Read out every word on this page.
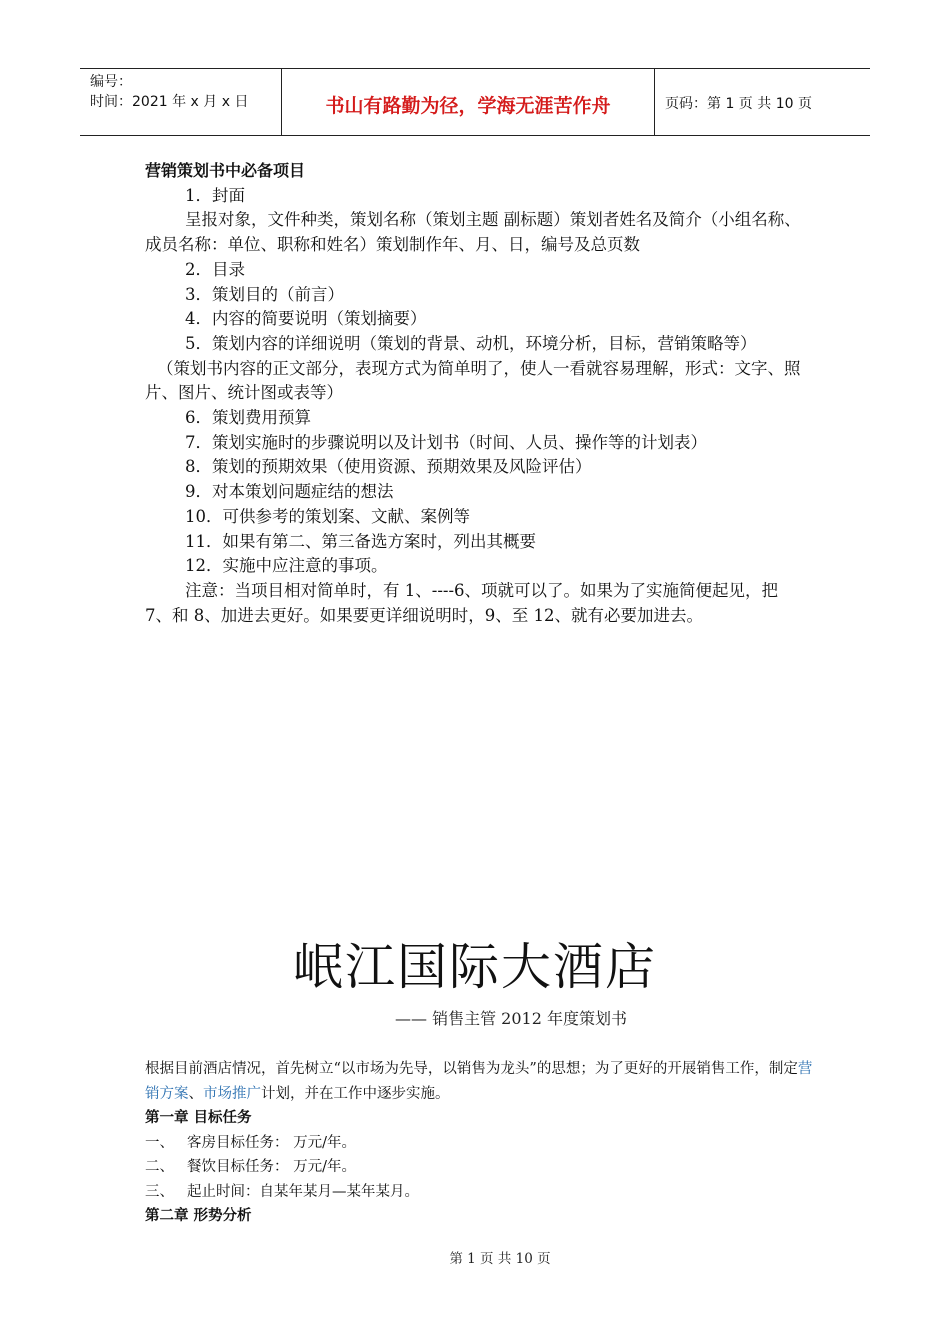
编号：
时间：2021 年 x 月 x 日	书山有路勤为径，学海无涯苦作舟	页码：第 1 页 共 10 页

营销策划书中必备项目

1．封面

呈报对象，文件种类，策划名称（策划主题 副标题）策划者姓名及简介（小组名称、成员名称：单位、职称和姓名）策划制作年、月、日，编号及总页数

2．目录

3．策划目的（前言）

4．内容的简要说明（策划摘要）

5．策划内容的详细说明（策划的背景、动机，环境分析，目标，营销策略等）

（策划书内容的正文部分，表现方式为简单明了，使人一看就容易理解，形式：文字、照片、图片、统计图或表等）

6．策划费用预算

7．策划实施时的步骤说明以及计划书（时间、人员、操作等的计划表）

8．策划的预期效果（使用资源、预期效果及风险评估）

9．对本策划问题症结的想法

10．可供参考的策划案、文献、案例等

11．如果有第二、第三备选方案时，列出其概要

12．实施中应注意的事项。

注意：当项目相对简单时，有 1、----6、项就可以了。如果为了实施简便起见，把 7、和 8、加进去更好。如果要更详细说明时，9、至 12、就有必要加进去。

岷江国际大酒店
—— 销售主管 2012 年度策划书

根据目前酒店情况，首先树立“以市场为先导，以销售为龙头”的思想；为了更好的开展销售工作，制定营销方案、市场推广计划，并在工作中逐步实施。

第一章 目标任务

一、 客房目标任务： 万元/年。

二、 餐饮目标任务： 万元/年。

三、 起止时间：自某年某月—某年某月。

第二章 形势分析

第 1 页 共 10 页
